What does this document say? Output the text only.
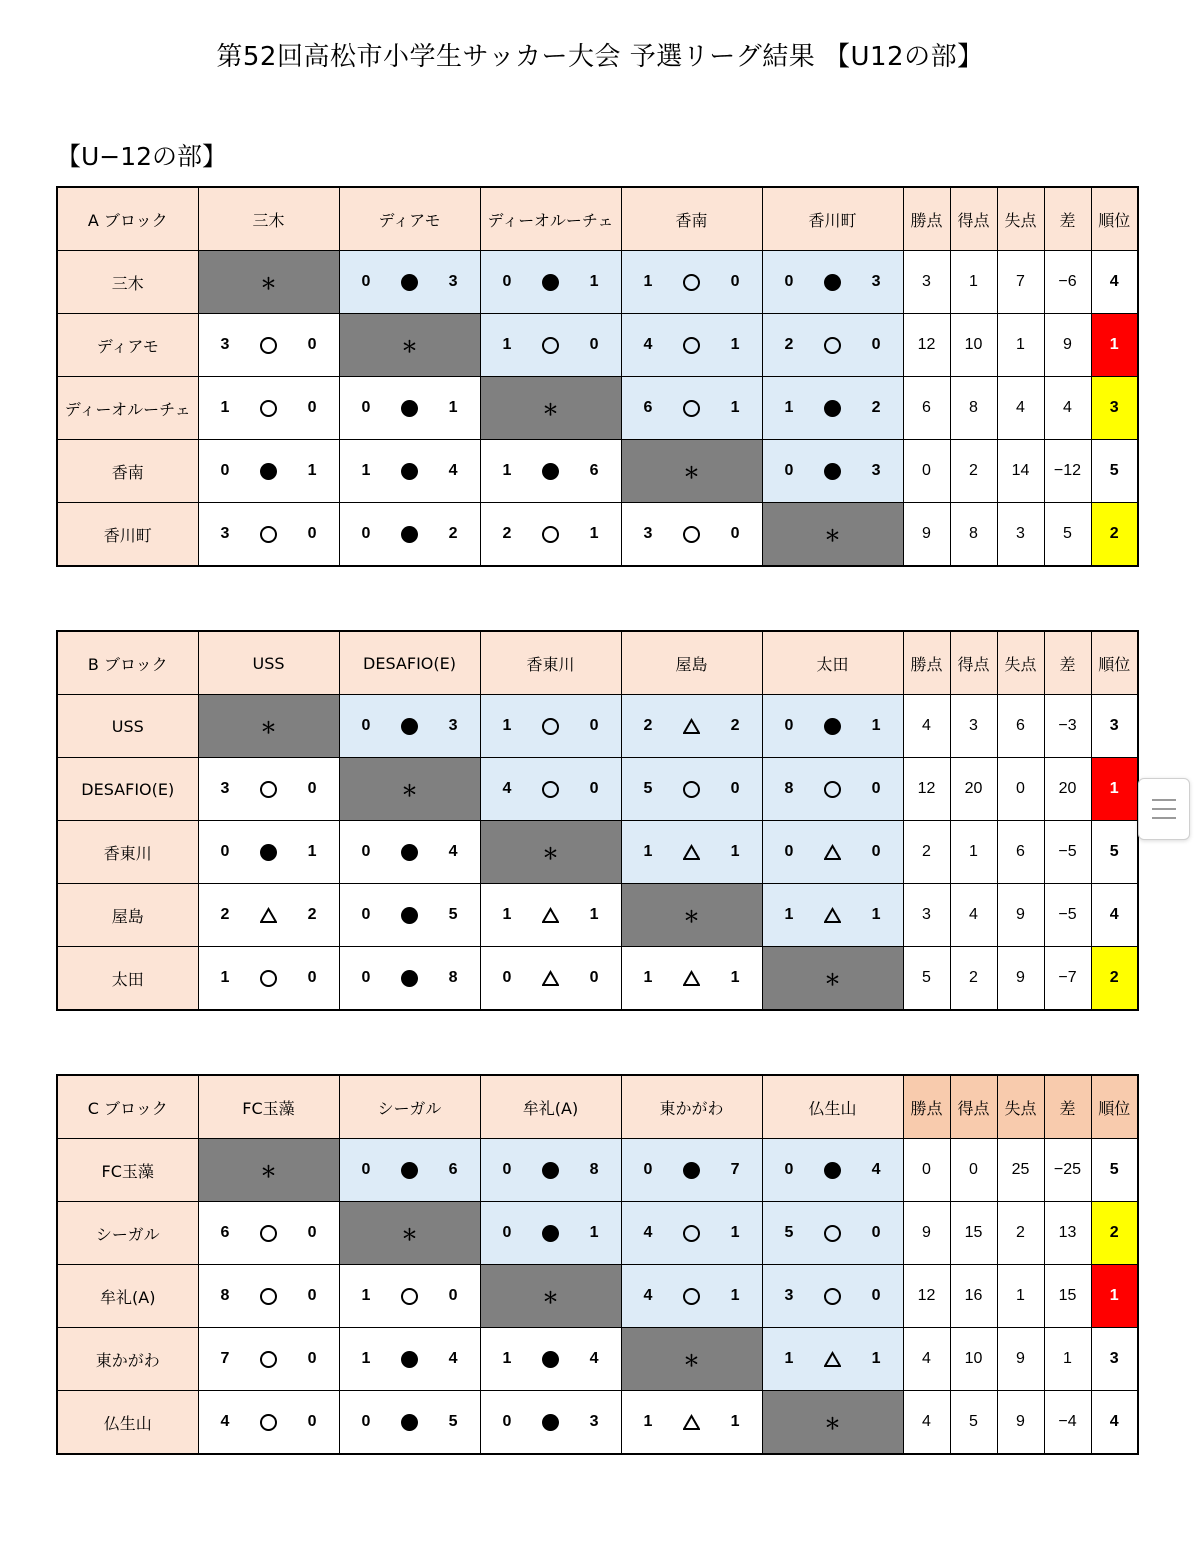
第52回高松市小学生サッカー大会 予選リーグ結果 【U12の部】
【U−12の部】
A ブロック	三木	ディアモ	ディーオルーチェ	香南	香川町	勝点	得点	失点	差	順位
三木	＊	0 3	0 1	1 0	0 3	3	1	7	−6	4
ディアモ	3 0	＊	1 0	4 1	2 0	12	10	1	9	1
ディーオルーチェ	1 0	0 1	＊	6 1	1 2	6	8	4	4	3
香南	0 1	1 4	1 6	＊	0 3	0	2	14	−12	5
香川町	3 0	0 2	2 1	3 0	＊	9	8	3	5	2
B ブロック	USS	DESAFIO(E)	香東川	屋島	太田	勝点	得点	失点	差	順位
USS	＊	0 3	1 0	2 2	0 1	4	3	6	−3	3
DESAFIO(E)	3 0	＊	4 0	5 0	8 0	12	20	0	20	1
香東川	0 1	0 4	＊	1 1	0 0	2	1	6	−5	5
屋島	2 2	0 5	1 1	＊	1 1	3	4	9	−5	4
太田	1 0	0 8	0 0	1 1	＊	5	2	9	−7	2
C ブロック	FC玉藻	シーガル	牟礼(A)	東かがわ	仏生山	勝点	得点	失点	差	順位
FC玉藻	＊	0 6	0 8	0 7	0 4	0	0	25	−25	5
シーガル	6 0	＊	0 1	4 1	5 0	9	15	2	13	2
牟礼(A)	8 0	1 0	＊	4 1	3 0	12	16	1	15	1
東かがわ	7 0	1 4	1 4	＊	1 1	4	10	9	1	3
仏生山	4 0	0 5	0 3	1 1	＊	4	5	9	−4	4
